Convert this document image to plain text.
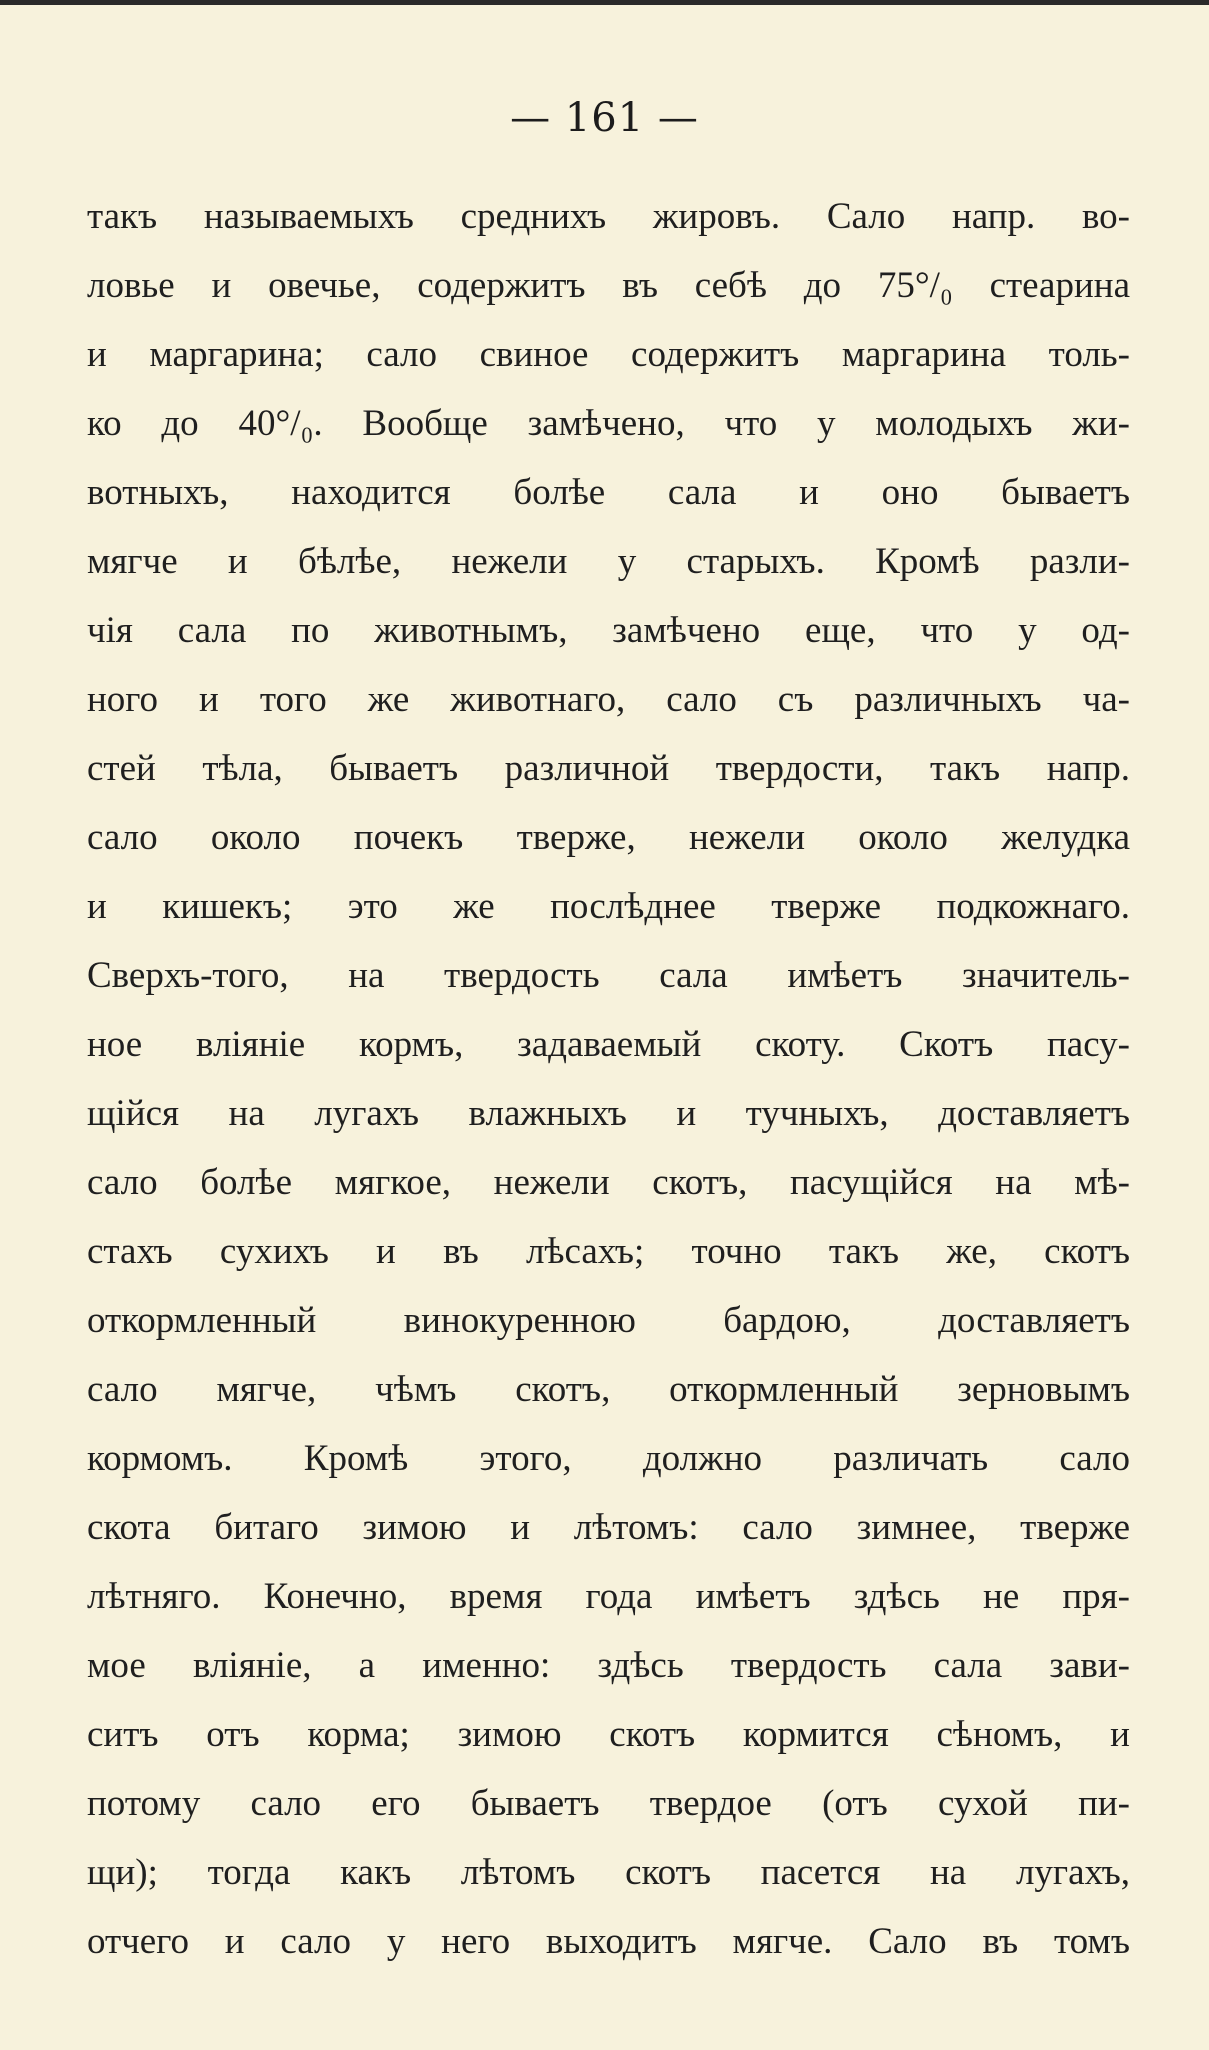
— 161 —
такъ называемыхъ среднихъ жировъ. Сало напр. во-
ловье и овечье, содержитъ въ себѣ до 75°/₀ стеарина
и маргарина; сало свиное содержитъ маргарина толь-
ко до 40°/₀. Вообще замѣчено, что у молодыхъ жи-
вотныхъ, находится болѣе сала и оно бываетъ
мягче и бѣлѣе, нежели у старыхъ. Кромѣ разли-
чія сала по животнымъ, замѣчено еще, что у од-
ного и того же животнаго, сало съ различныхъ ча-
стей тѣла, бываетъ различной твердости, такъ напр.
сало около почекъ тверже, нежели около желудка
и кишекъ; это же послѣднее тверже подкожнаго.
Сверхъ-того, на твердость сала имѣетъ значитель-
ное вліяніе кормъ, задаваемый скоту. Скотъ пасу-
щійся на лугахъ влажныхъ и тучныхъ, доставляетъ
сало болѣе мягкое, нежели скотъ, пасущійся на мѣ-
стахъ сухихъ и въ лѣсахъ; точно такъ же, скотъ
откормленный винокуренною бардою, доставляетъ
сало мягче, чѣмъ скотъ, откормленный зерновымъ
кормомъ. Кромѣ этого, должно различать сало
скота битаго зимою и лѣтомъ: сало зимнее, тверже
лѣтняго. Конечно, время года имѣетъ здѣсь не пря-
мое вліяніе, а именно: здѣсь твердость сала зави-
ситъ отъ корма; зимою скотъ кормится сѣномъ, и
потому сало его бываетъ твердое (отъ сухой пи-
щи); тогда какъ лѣтомъ скотъ пасется на лугахъ,
отчего и сало у него выходитъ мягче. Сало въ томъ
